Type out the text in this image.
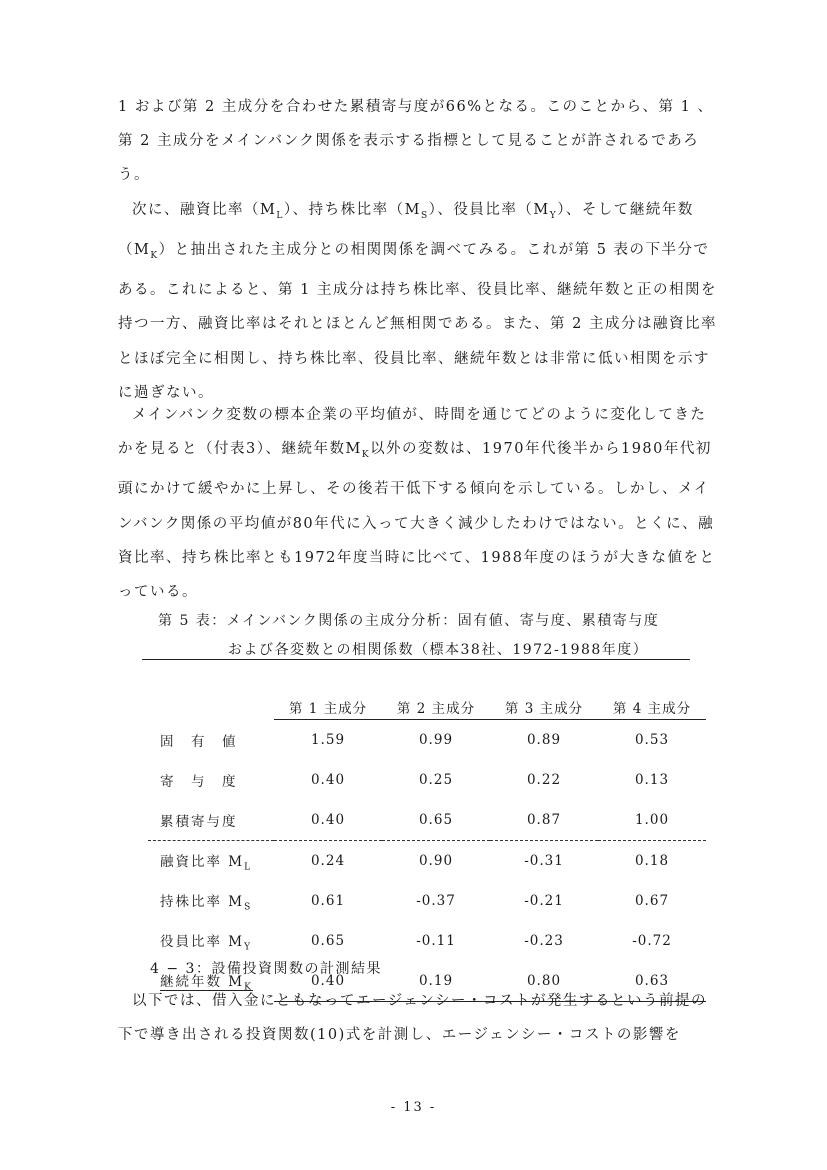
1 および第 2 主成分を合わせた累積寄与度が66%となる。このことから、第 1 、第 2 主成分をメインバンク関係を表示する指標として見ることが許されるであろう。

次に、融資比率$(M_L)$、持ち株比率$(M_S)$、役員比率$(M_Y)$、そして継続年数$(M_K)$と抽出された主成分との相関関係を調べてみる。これが第 5 表の下半分である。これによると、第 1 主成分は持ち株比率、役員比率、継続年数と正の相関を持つ一方、融資比率はそれとほとんど無相関である。また、第 2 主成分は融資比率とほぼ完全に相関し、持ち株比率、役員比率、継続年数とは非常に低い相関を示すに過ぎない。

メインバンク変数の標本企業の平均値が、時間を通じてどのように変化してきたかを見ると（付表3）、継続年数$M_K$以外の変数は、1970年代後半から1980年代初頭にかけて緩やかに上昇し、その後若干低下する傾向を示している。しかし、メインバンク関係の平均値が80年代に入って大きく減少したわけではない。とくに、融資比率、持ち株比率とも1972年度当時に比べて、1988年度のほうが大きな値をとっている。

第 5 表：メインバンク関係の主成分分析：固有値、寄与度、累積寄与度
および各変数との相関係数（標本38社、1972-1988年度）
	第 1 主成分	第 2 主成分	第 3 主成分	第 4 主成分
固　有　値	1.59	0.99	0.89	0.53
寄　与　度	0.40	0.25	0.22	0.13
累積寄与度	0.40	0.65	0.87	1.00
融資比率 $M_L$	0.24	0.90	-0.31	0.18
持株比率 $M_S$	0.61	-0.37	-0.21	0.67
役員比率 $M_Y$	0.65	-0.11	-0.23	-0.72
継続年数 $M_K$	0.40	0.19	0.80	0.63
4 − 3：設備投資関数の計測結果

以下では、借入金にともなってエージェンシー・コストが発生するという前提の下で導き出される投資関数(10)式を計測し、エージェンシー・コストの影響を

- 13 -
